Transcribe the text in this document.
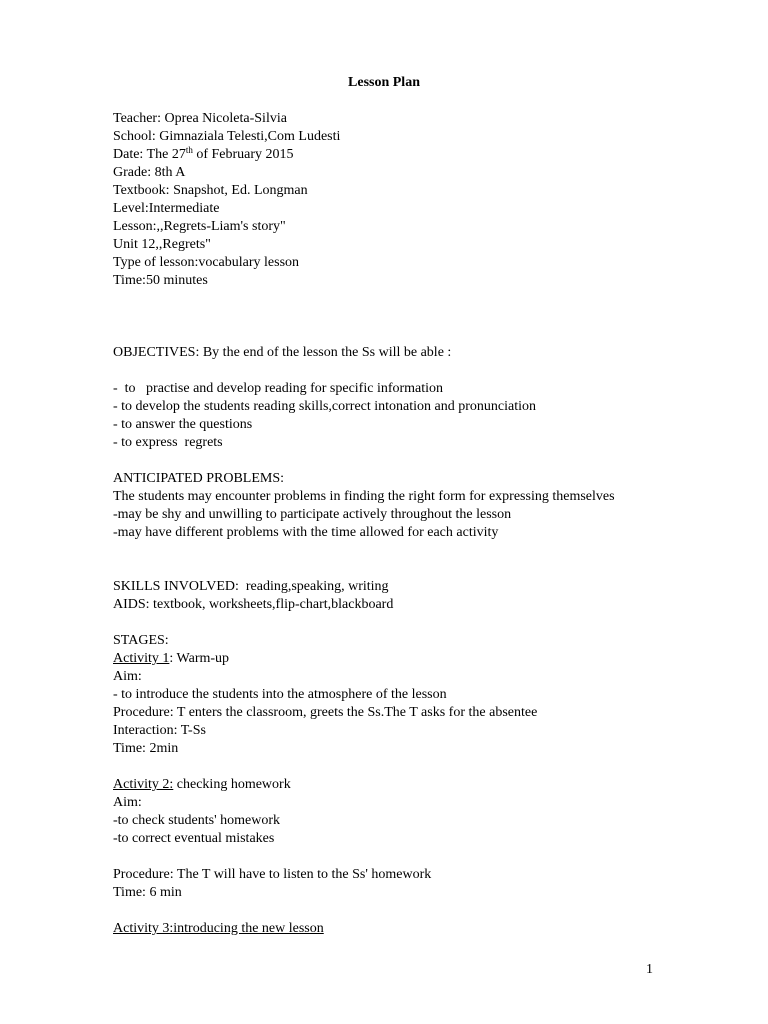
Lesson Plan
Teacher: Oprea Nicoleta-Silvia
School: Gimnaziala Telesti,Com Ludesti
Date: The 27th of February 2015
Grade: 8th A
Textbook: Snapshot, Ed. Longman
Level:Intermediate
Lesson:,,Regrets-Liam's story"
Unit 12,,Regrets"
Type of lesson:vocabulary lesson
Time:50 minutes
OBJECTIVES: By the end of the lesson the Ss will be able :
-  to   practise and develop reading for specific information
- to develop the students reading skills,correct intonation and pronunciation
- to answer the questions
- to express  regrets
ANTICIPATED PROBLEMS:
The students may encounter problems in finding the right form for expressing themselves
-may be shy and unwilling to participate actively throughout the lesson
-may have different problems with the time allowed for each activity
SKILLS INVOLVED:  reading,speaking, writing
AIDS: textbook, worksheets,flip-chart,blackboard
STAGES:
Activity 1: Warm-up
Aim:
- to introduce the students into the atmosphere of the lesson
Procedure: T enters the classroom, greets the Ss.The T asks for the absentee
Interaction: T-Ss
Time: 2min
Activity 2: checking homework
Aim:
-to check students' homework
-to correct eventual mistakes
Procedure: The T will have to listen to the Ss' homework
Time: 6 min
Activity 3:introducing the new lesson
1
